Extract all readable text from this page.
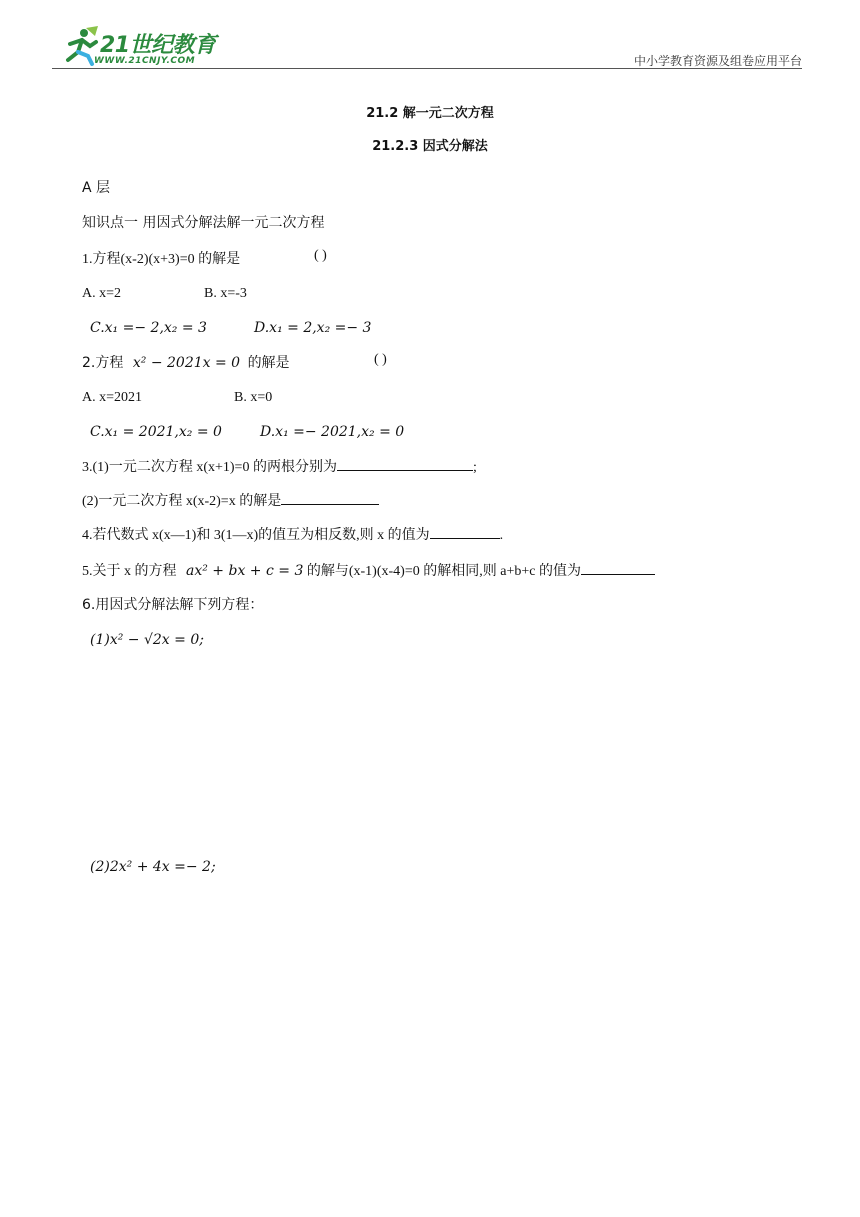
21世纪教育
WWW.21CNJY.COM	中小学教育资源及组卷应用平台
21.2 解一元二次方程
21.2.3 因式分解法
A 层
知识点一 用因式分解法解一元二次方程
1.方程(x-2)(x+3)=0 的解是	( )
A. x=2	B. x=-3
C.x₁ =− 2,x₂ = 3	D.x₁ = 2,x₂ =− 3
2.方程 x² − 2021x = 0 的解是	( )
A. x=2021	B. x=0
C.x₁ = 2021,x₂ = 0	D.x₁ =− 2021,x₂ = 0
3.(1)一元二次方程 x(x+1)=0 的两根分别为	;
(2)一元二次方程 x(x-2)=x 的解是
4.若代数式 x(x—1)和 3(1—x)的值互为相反数,则 x 的值为	.
5.关于 x 的方程 ax² + bx + c = 3 的解与(x-1)(x-4)=0 的解相同,则 a+b+c 的值为
6.用因式分解法解下列方程：
(1)x² − √2x = 0;
(2)2x² + 4x =− 2;
